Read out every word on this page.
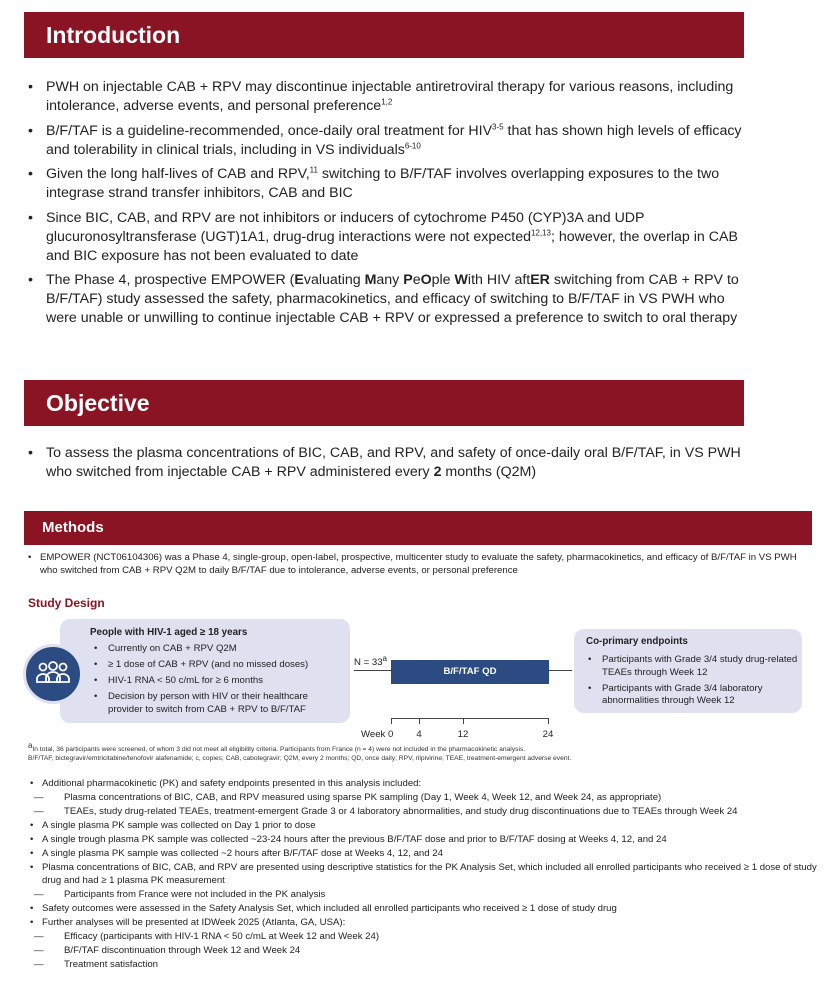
Introduction
• PWH on injectable CAB + RPV may discontinue injectable antiretroviral therapy for various reasons, including intolerance, adverse events, and personal preference$^{1,2}$
• B/F/TAF is a guideline-recommended, once-daily oral treatment for HIV$^{3-5}$ that has shown high levels of efficacy and tolerability in clinical trials, including in VS individuals$^{6-10}$
• Given the long half-lives of CAB and RPV,$^{11}$ switching to B/F/TAF involves overlapping exposures to the two integrase strand transfer inhibitors, CAB and BIC
• Since BIC, CAB, and RPV are not inhibitors or inducers of cytochrome P450 (CYP)3A and UDP glucuronosyltransferase (UGT)1A1, drug-drug interactions were not expected$^{12,13}$; however, the overlap in CAB and BIC exposure has not been evaluated to date
• The Phase 4, prospective EMPOWER (Evaluating Many PeOple With HIV aftER switching from CAB + RPV to B/F/TAF) study assessed the safety, pharmacokinetics, and efficacy of switching to B/F/TAF in VS PWH who were unable or unwilling to continue injectable CAB + RPV or expressed a preference to switch to oral therapy
Objective
• To assess the plasma concentrations of BIC, CAB, and RPV, and safety of once-daily oral B/F/TAF, in VS PWH who switched from injectable CAB + RPV administered every 2 months (Q2M)
Methods
• EMPOWER (NCT06104306) was a Phase 4, single-group, open-label, prospective, multicenter study to evaluate the safety, pharmacokinetics, and efficacy of B/F/TAF in VS PWH who switched from CAB + RPV Q2M to daily B/F/TAF due to intolerance, adverse events, or personal preference
Study Design
People with HIV-1 aged ≥ 18 years
• Currently on CAB + RPV Q2M
• ≥ 1 dose of CAB + RPV (and no missed doses)
• HIV-1 RNA < 50 c/mL for ≥ 6 months
• Decision by person with HIV or their healthcare provider to switch from CAB + RPV to B/F/TAF
$N = 33^a$
B/F/TAF QD
Co-primary endpoints
• Participants with Grade 3/4 study drug-related TEAEs through Week 12
• Participants with Grade 3/4 laboratory abnormalities through Week 12
Week 0 4	12	24
$^a$In total, 36 participants were screened, of whom 3 did not meet all eligibility criteria. Participants from France (n = 4) were not included in the pharmacokinetic analysis.
B/F/TAF, bictegravir/emtricitabine/tenofovir alafenamide; c, copies; CAB, cabotegravir; Q2M, every 2 months; QD, once daily; RPV, rilpivirine; TEAE, treatment-emergent adverse event.
• Additional pharmacokinetic (PK) and safety endpoints presented in this analysis included:
— Plasma concentrations of BIC, CAB, and RPV measured using sparse PK sampling (Day 1, Week 4, Week 12, and Week 24, as appropriate)
— TEAEs, study drug-related TEAEs, treatment-emergent Grade 3 or 4 laboratory abnormalities, and study drug discontinuations due to TEAEs through Week 24
• A single plasma PK sample was collected on Day 1 prior to dose
• A single trough plasma PK sample was collected ~23-24 hours after the previous B/F/TAF dose and prior to B/F/TAF dosing at Weeks 4, 12, and 24
• A single plasma PK sample was collected ~2 hours after B/F/TAF dose at Weeks 4, 12, and 24
• Plasma concentrations of BIC, CAB, and RPV are presented using descriptive statistics for the PK Analysis Set, which included all enrolled participants who received ≥ 1 dose of study drug and had ≥ 1 plasma PK measurement
— Participants from France were not included in the PK analysis
• Safety outcomes were assessed in the Safety Analysis Set, which included all enrolled participants who received ≥ 1 dose of study drug
• Further analyses will be presented at IDWeek 2025 (Atlanta, GA, USA):
— Efficacy (participants with HIV-1 RNA < 50 c/mL at Week 12 and Week 24)
— B/F/TAF discontinuation through Week 12 and Week 24
— Treatment satisfaction
